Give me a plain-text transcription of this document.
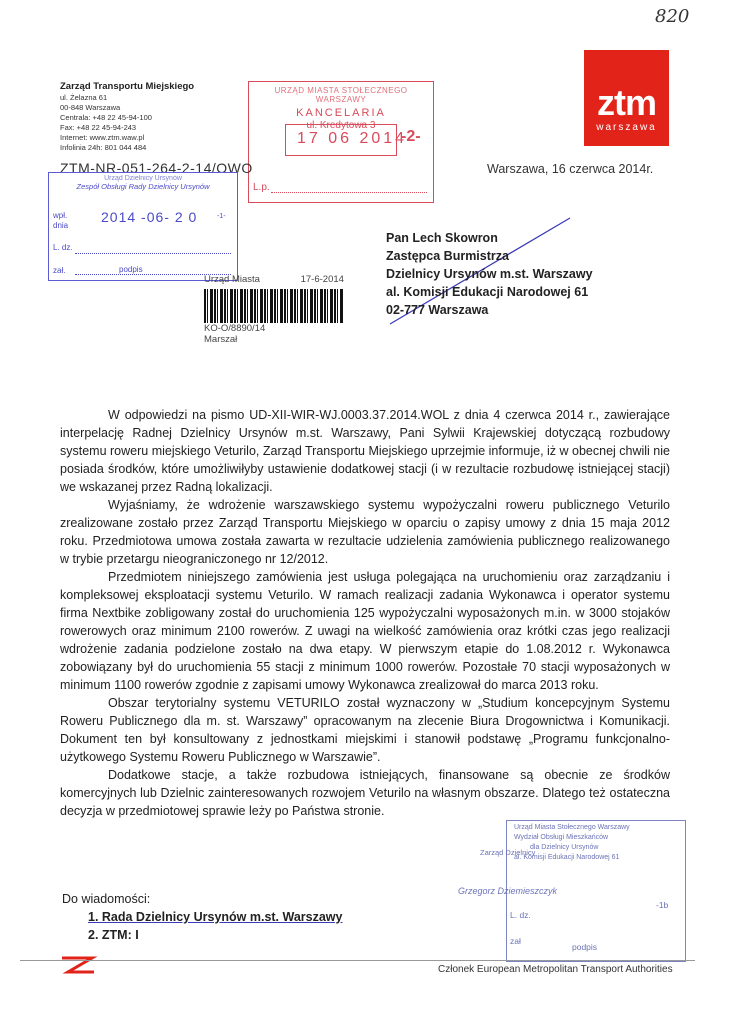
820
Zarząd Transportu Miejskiego
ul. Żelazna 61
00-848 Warszawa
Centrala: +48 22 45-94-100
Fax: +48 22 45-94-243
Internet: www.ztm.waw.pl
Infolinia 24h: 801 044 484
ztm
warszawa
URZĄD MIASTA STOŁECZNEGO WARSZAWY
KANCELARIA
ul. Kredytowa 3
17 06 2014
-2-
L.p.
ZTM-NR-051-264-2-14/OWO
Urząd Dzielnicy Ursynów
Zespół Obsługi Rady Dzielnicy Ursynów
wpł.
dnia
2014 -06- 2 0	-1-
L. dz.
zał.	podpis
Urząd Miasta	17-6-2014
KO-O/8890/14
Marszał
Warszawa, 16 czerwca 2014r.
Pan Lech Skowron
Zastępca Burmistrza
Dzielnicy Ursynów m.st. Warszawy
al. Komisji Edukacji Narodowej 61
02-777 Warszawa

W odpowiedzi na pismo UD-XII-WIR-WJ.0003.37.2014.WOL z dnia 4 czerwca 2014 r., zawierające interpelację Radnej Dzielnicy Ursynów m.st. Warszawy, Pani Sylwii Krajewskiej dotyczącą rozbudowy systemu roweru miejskiego Veturilo, Zarząd Transportu Miejskiego uprzejmie informuje, iż w obecnej chwili nie posiada środków, które umożliwiłyby ustawienie dodatkowej stacji (i w rezultacie rozbudowę istniejącej stacji) we wskazanej przez Radną lokalizacji.

Wyjaśniamy, że wdrożenie warszawskiego systemu wypożyczalni roweru publicznego Veturilo zrealizowane zostało przez Zarząd Transportu Miejskiego w oparciu o zapisy umowy z dnia 15 maja 2012 roku. Przedmiotowa umowa została zawarta w rezultacie udzielenia zamówienia publicznego realizowanego w trybie przetargu nieograniczonego nr 12/2012.

Przedmiotem niniejszego zamówienia jest usługa polegająca na uruchomieniu oraz zarządzaniu i kompleksowej eksploatacji systemu Veturilo. W ramach realizacji zadania Wykonawca i operator systemu firma Nextbike zobligowany został do uruchomienia 125 wypożyczalni wyposażonych m.in. w 3000 stojaków rowerowych oraz minimum 2100 rowerów. Z uwagi na wielkość zamówienia oraz krótki czas jego realizacji wdrożenie zadania podzielone zostało na dwa etapy. W pierwszym etapie do 1.08.2012 r. Wykonawca zobowiązany był do uruchomienia 55 stacji z minimum 1000 rowerów. Pozostałe 70 stacji wyposażonych w minimum 1100 rowerów zgodnie z zapisami umowy Wykonawca zrealizował do marca 2013 roku.

Obszar terytorialny systemu VETURILO został wyznaczony w „Studium koncepcyjnym Systemu Roweru Publicznego dla m. st. Warszawy” opracowanym na zlecenie Biura Drogownictwa i Komunikacji. Dokument ten był konsultowany z jednostkami miejskimi i stanowił podstawę „Programu funkcjonalno-użytkowego Systemu Roweru Publicznego w Warszawie”.

Dodatkowe stacje, a także rozbudowa istniejących, finansowane są obecnie ze środków komercyjnych lub Dzielnic zainteresowanych rozwojem Veturilo na własnym obszarze. Dlatego też ostateczna decyzja w przedmiotowej sprawie leży po Państwa stronie.

Urząd Miasta Stołecznego Warszawy
Wydział Obsługi Mieszkańców
dla Dzielnicy Ursynów
al. Komisji Edukacji Narodowej 61
Zarząd Dzielnicy
Grzegorz Dziemieszczyk
L. dz.
-1b
zał
podpis
Do wiadomości:
1. Rada Dzielnicy Ursynów m.st. Warszawy
2. ZTM: I
Członek European Metropolitan Transport Authorities
